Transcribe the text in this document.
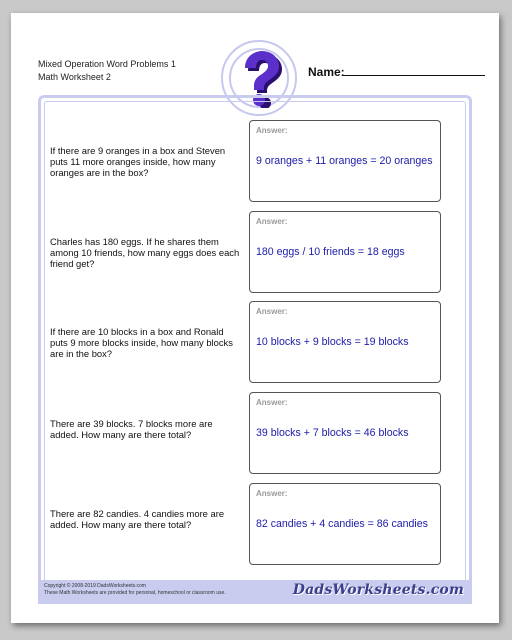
Mixed Operation Word Problems 1
Math Worksheet 2	Name:
If there are 9 oranges in a box and Steven puts 11 more oranges inside, how many oranges are in the box?
Answer:
9 oranges + 11 oranges = 20 oranges
Charles has 180 eggs. If he shares them among 10 friends, how many eggs does each friend get?
Answer:
180 eggs / 10 friends = 18 eggs
If there are 10 blocks in a box and Ronald puts 9 more blocks inside, how many blocks are in the box?
Answer:
10 blocks + 9 blocks = 19 blocks
There are 39 blocks. 7 blocks more are added. How many are there total?
Answer:
39 blocks + 7 blocks = 46 blocks
There are 82 candies. 4 candies more are added. How many are there total?
Answer:
82 candies + 4 candies = 86 candies
Copyright © 2008-2019 DadsWorksheets.com
These Math Worksheets are provided for personal, homeschool or classroom use.	DadsWorksheets.com
